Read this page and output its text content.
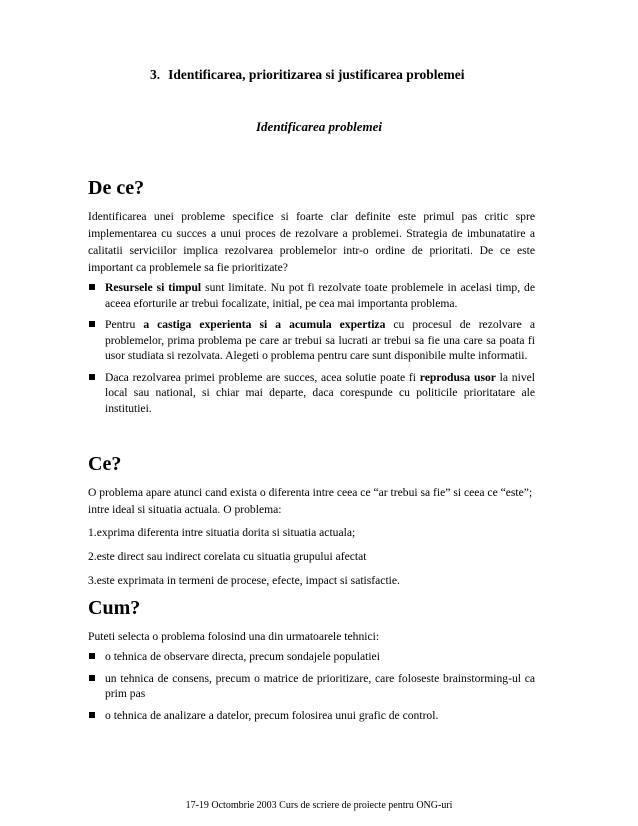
3. Identificarea, prioritizarea si justificarea problemei
Identificarea problemei
De ce?

Identificarea unei probleme specifice si foarte clar definite este primul pas critic spre implementarea cu succes a unui proces de rezolvare a problemei. Strategia de imbunatatire a calitatii serviciilor implica rezolvarea problemelor intr-o ordine de prioritati. De ce este important ca problemele sa fie prioritizate?

Resursele si timpul sunt limitate. Nu pot fi rezolvate toate problemele in acelasi timp, de aceea eforturile ar trebui focalizate, initial, pe cea mai importanta problema.
Pentru a castiga experienta si a acumula expertiza cu procesul de rezolvare a problemelor, prima problema pe care ar trebui sa lucrati ar trebui sa fie una care sa poata fi usor studiata si rezolvata. Alegeti o problema pentru care sunt disponibile multe informatii.
Daca rezolvarea primei probleme are succes, acea solutie poate fi reprodusa usor la nivel local sau national, si chiar mai departe, daca corespunde cu politicile prioritatare ale institutiei.
Ce?

O problema apare atunci cand exista o diferenta intre ceea ce “ar trebui sa fie” si ceea ce “este”; intre ideal si situatia actuala. O problema:

1.exprima diferenta intre situatia dorita si situatia actuala;
2.este direct sau indirect corelata cu situatia grupului afectat
3.este exprimata in termeni de procese, efecte, impact si satisfactie.
Cum?

Puteti selecta o problema folosind una din urmatoarele tehnici:

o tehnica de observare directa, precum sondajele populatiei
un tehnica de consens, precum o matrice de prioritizare, care foloseste brainstorming-ul ca prim pas
o tehnica de analizare a datelor, precum folosirea unui grafic de control.
17-19 Octombrie 2003 Curs de scriere de proiecte pentru ONG-uri
